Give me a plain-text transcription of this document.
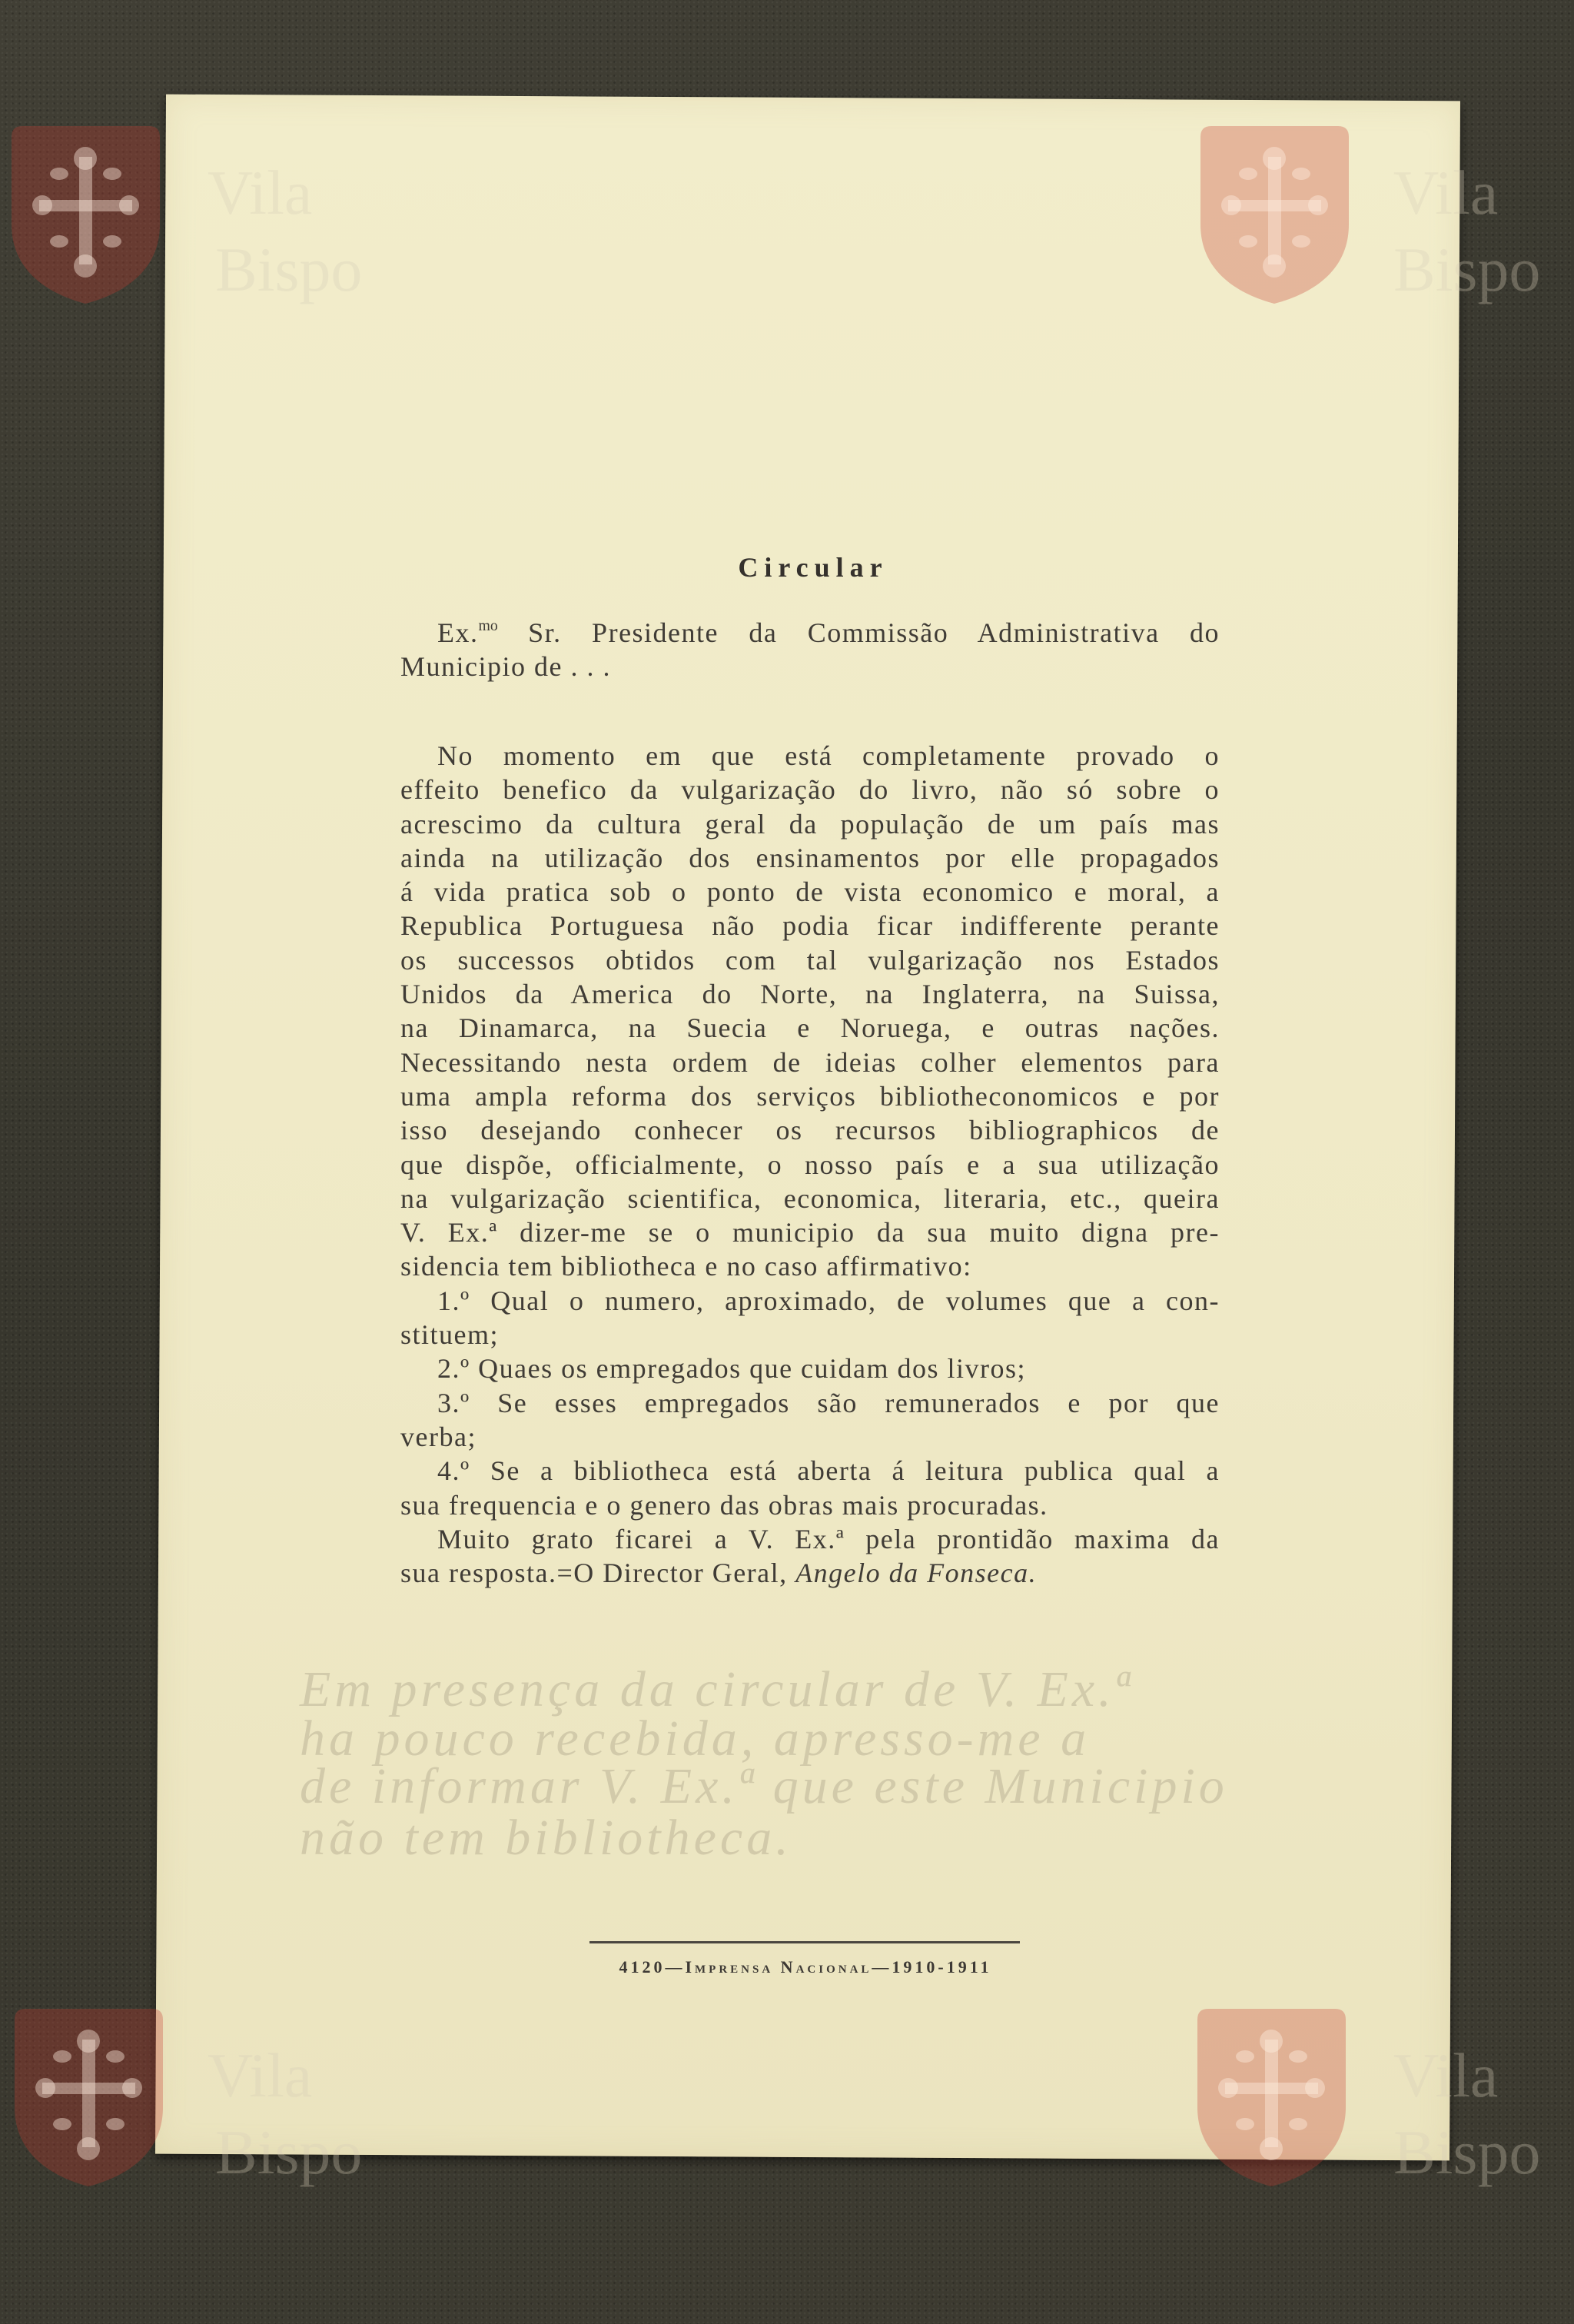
Circular
Ex.$^{mo}$ Sr. Presidente da Commissão Administrativa do
Municipio de . . .
No momento em que está completamente provado o
effeito benefico da vulgarização do livro, não só sobre o
acrescimo da cultura geral da população de um país mas
ainda na utilização dos ensinamentos por elle propagados
á vida pratica sob o ponto de vista economico e moral, a
Republica Portuguesa não podia ficar indifferente perante
os successos obtidos com tal vulgarização nos Estados
Unidos da America do Norte, na Inglaterra, na Suissa,
na Dinamarca, na Suecia e Noruega, e outras nações.
Necessitando nesta ordem de ideias colher elementos para
uma ampla reforma dos serviços bibliotheconomicos e por
isso desejando conhecer os recursos bibliographicos de
que dispõe, officialmente, o nosso país e a sua utilização
na vulgarização scientifica, economica, literaria, etc., queira
V. Ex.ª dizer-me se o municipio da sua muito digna pre-
sidencia tem bibliotheca e no caso affirmativo:
1.º Qual o numero, aproximado, de volumes que a con-
stituem;
2.º Quaes os empregados que cuidam dos livros;
3.º Se esses empregados são remunerados e por que
verba;
4.º Se a bibliotheca está aberta á leitura publica qual a
sua frequencia e o genero das obras mais procuradas.
Muito grato ficarei a V. Ex.ª pela prontidão maxima da
sua resposta.=O Director Geral, Angelo da Fonseca.
Em presença da circular de V. Ex.ª
ha pouco recebida, apresso-me a
de informar V. Ex.ª que este Municipio
não tem bibliotheca.
4120—Imprensa Nacional—1910-1911
Vila
Bispo
Vila
Bispo
Vila
Bispo
Vila
Bispo
